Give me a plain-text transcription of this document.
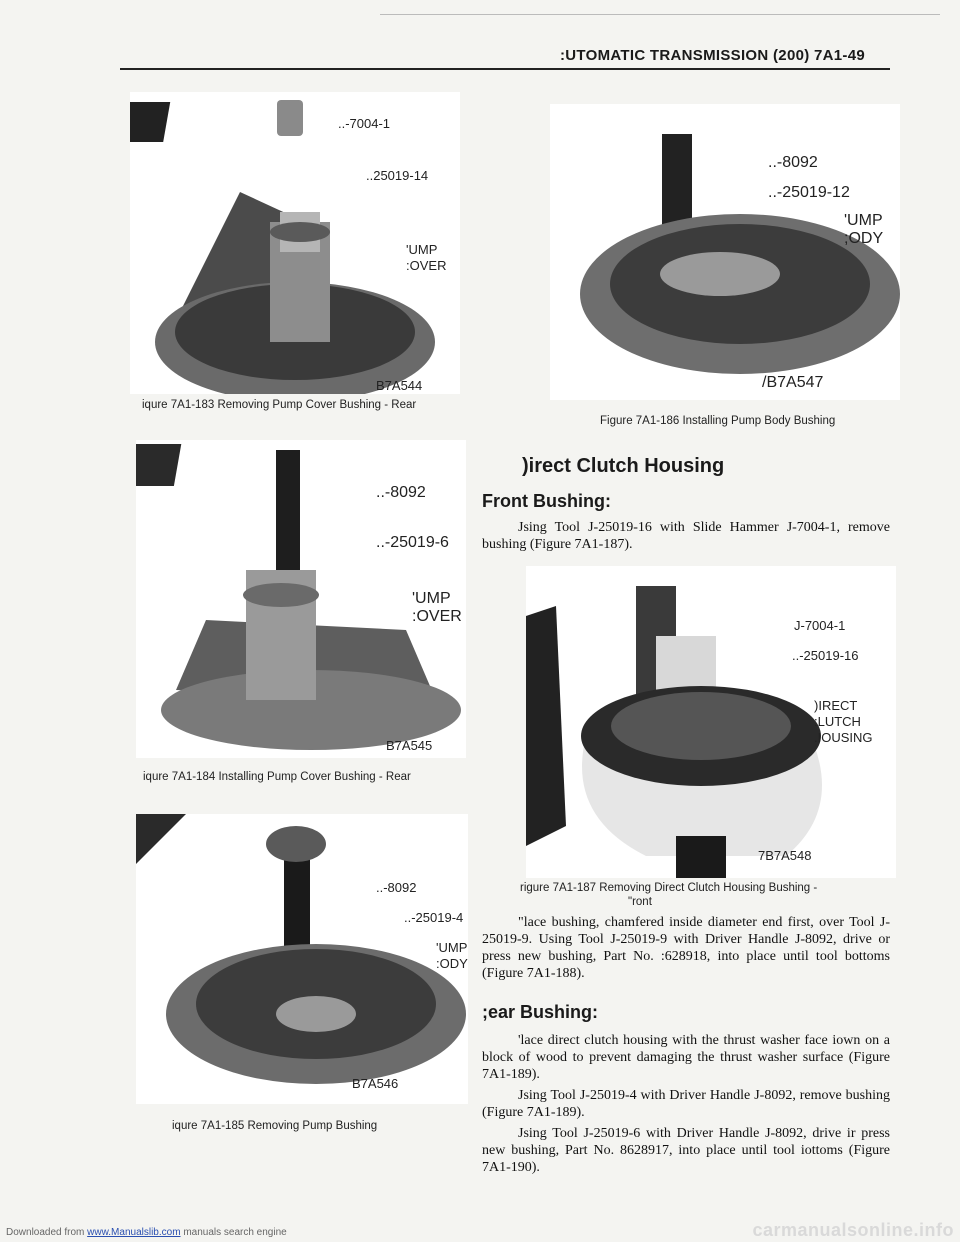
:UTOMATIC TRANSMISSION (200) 7A1-49
..-7004-1
..25019-14
'UMP
:OVER
B7A544
iqure 7A1-183 Removing Pump Cover Bushing - Rear
..-8092
..-25019-6
'UMP
:OVER
B7A545
iqure 7A1-184 Installing Pump Cover Bushing - Rear
..-8092
..-25019-4
'UMP
:ODY
B7A546
iqure 7A1-185 Removing Pump Bushing
..-8092
..-25019-12
'UMP
;ODY
/B7A547
Figure 7A1-186 Installing Pump Body Bushing
)irect Clutch Housing
Front Bushing:
Jsing Tool J-25019-16 with Slide Hammer J-7004-1, remove bushing (Figure 7A1-187).
J-7004-1
..-25019-16
)IRECT
:LUTCH
.IOUSING
7B7A548
rigure 7A1-187 Removing Direct Clutch Housing Bushing -
"ront
"lace bushing, chamfered inside diameter end first, over Tool J-25019-9. Using Tool J-25019-9 with Driver Handle J-8092, drive or press new bushing, Part No. :628918, into place until tool bottoms (Figure 7A1-188).
;ear Bushing:
'lace direct clutch housing with the thrust washer face iown on a block of wood to prevent damaging the thrust washer surface (Figure 7A1-189).
Jsing Tool J-25019-4 with Driver Handle J-8092, remove bushing (Figure 7A1-189).
Jsing Tool J-25019-6 with Driver Handle J-8092, drive ir press new bushing, Part No. 8628917, into place until tool iottoms (Figure 7A1-190).
Downloaded from www.Manualslib.com manuals search engine	carmanualsonline.info
